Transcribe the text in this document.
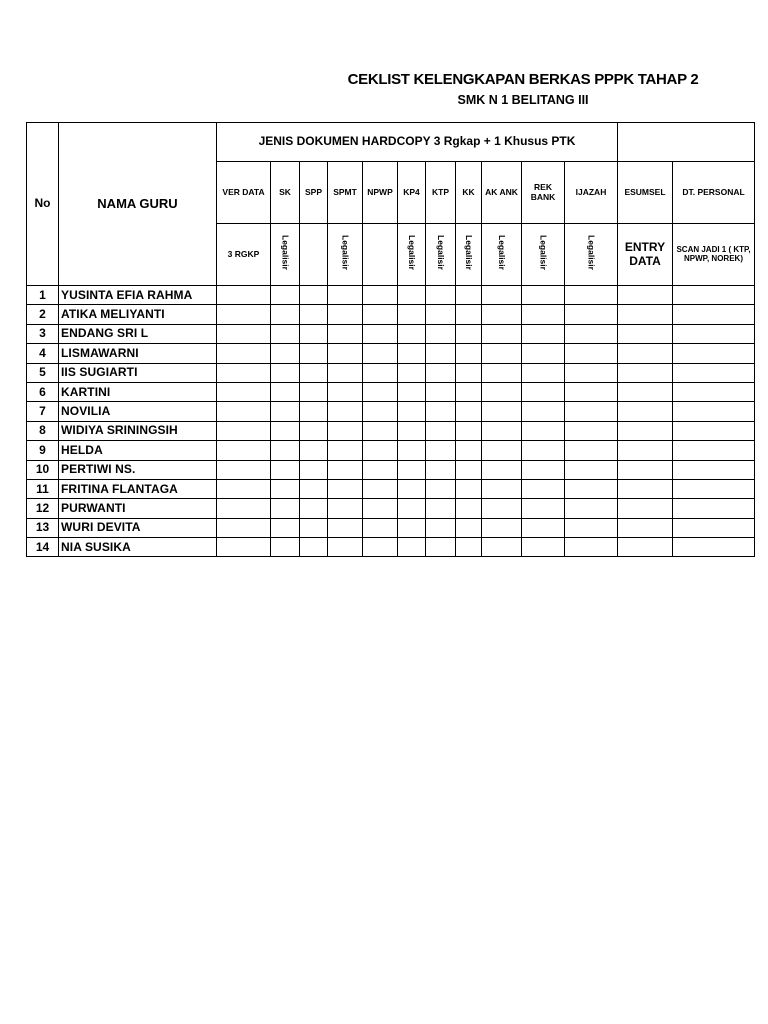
CEKLIST KELENGKAPAN BERKAS PPPK TAHAP 2
SMK N 1 BELITANG III
No	NAMA GURU	JENIS DOKUMEN HARDCOPY 3 Rgkap + 1 Khusus PTK												
		VER DATA	SK	SPP	SPMT	NPWP	KP4	KTP	KK	AK ANK	REK BANK	IJAZAH	ESUMSEL	DT. PERSONAL
		3 RGKP	Legalisir		Legalisir		Legalisir	Legalisir	Legalisir	Legalisir	Legalisir	Legalisir	ENTRY DATA	SCAN JADI 1 ( KTP, NPWP, NOREK)
1	YUSINTA EFIA RAHMA													
2	ATIKA MELIYANTI													
3	ENDANG SRI L													
4	LISMAWARNI													
5	IIS SUGIARTI													
6	KARTINI													
7	NOVILIA													
8	WIDIYA SRININGSIH													
9	HELDA													
10	PERTIWI NS.													
11	FRITINA FLANTAGA													
12	PURWANTI													
13	WURI DEVITA													
14	NIA SUSIKA													
